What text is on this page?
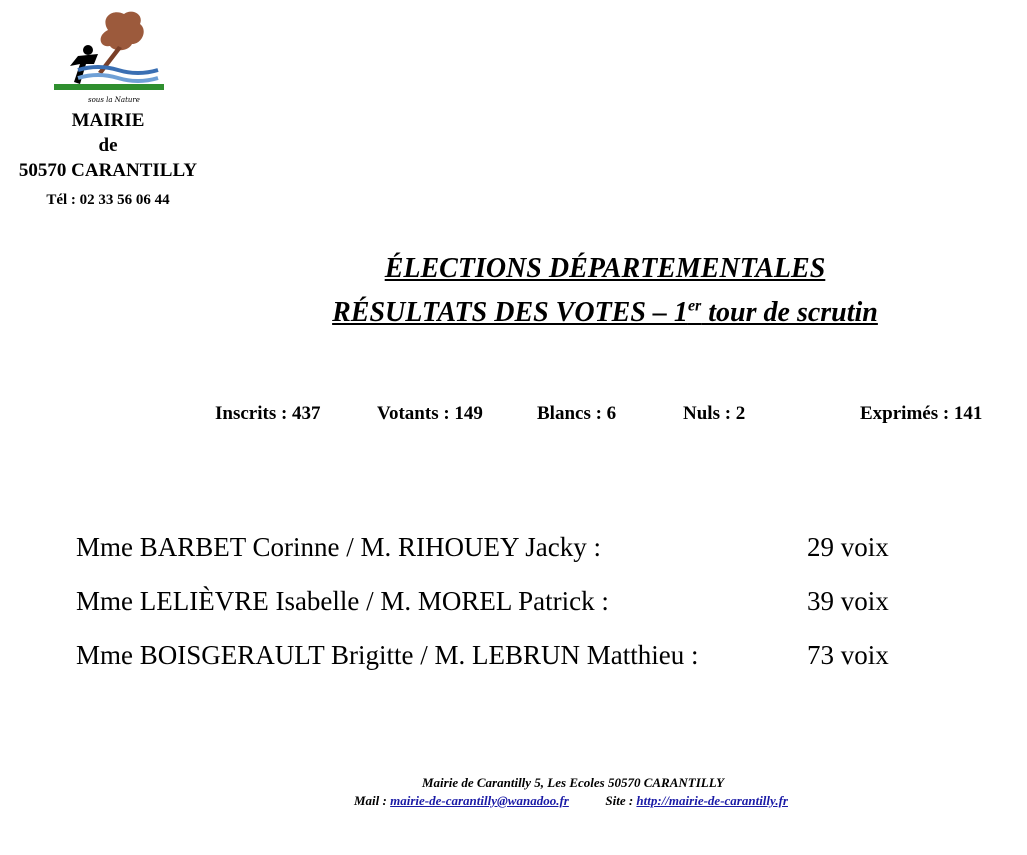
sous la Nature
MAIRIE
de
50570 CARANTILLY
Tél : 02 33 56 06 44
ÉLECTIONS DÉPARTEMENTALES
RÉSULTATS DES VOTES – 1er tour de scrutin
Inscrits : 437	Votants : 149	Blancs : 6	Nuls : 2	Exprimés : 141
Mme BARBET Corinne / M. RIHOUEY Jacky :	29 voix
Mme LELIÈVRE Isabelle / M. MOREL Patrick :	39 voix
Mme BOISGERAULT Brigitte / M. LEBRUN Matthieu :	73 voix
Mairie de Carantilly 5, Les Ecoles 50570 CARANTILLY
Mail : mairie-de-carantilly@wanadoo.fr	Site : http://mairie-de-carantilly.fr
